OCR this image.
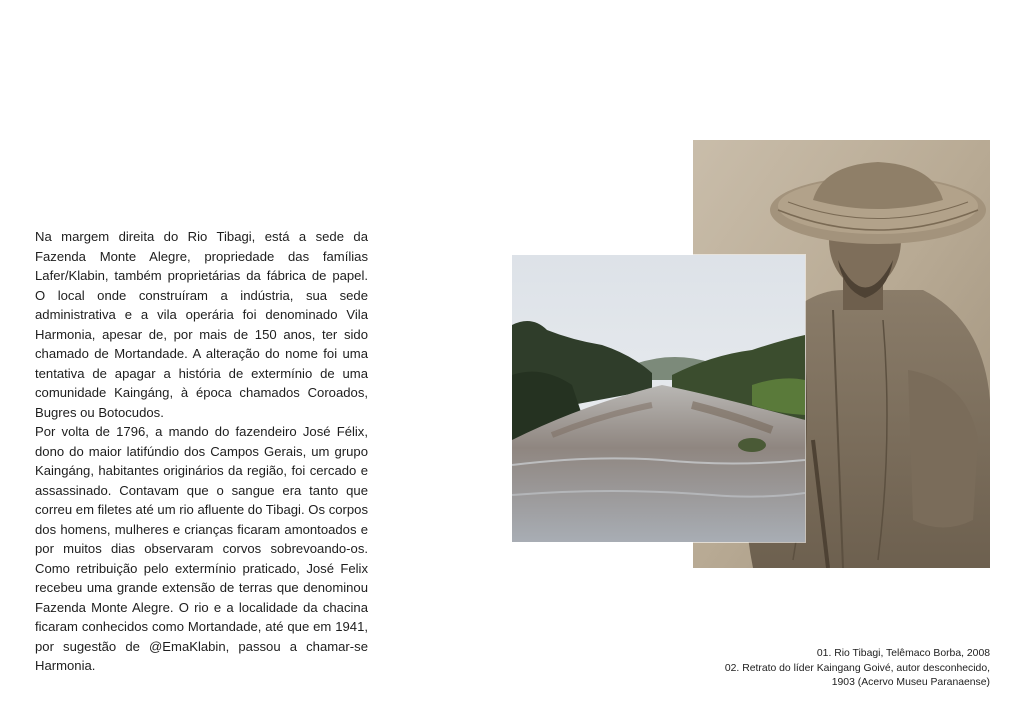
Na margem direita do Rio Tibagi, está a sede da Fazenda Monte Alegre, propriedade das famílias Lafer/Klabin, também proprietárias da fábrica de papel. O local onde construíram a indústria, sua sede administrativa e a vila operária foi denominado Vila Harmonia, apesar de, por mais de 150 anos, ter sido chamado de Mortandade. A alteração do nome foi uma tentativa de apagar a história de extermínio de uma comunidade Kaingáng, à época chamados Coroados, Bugres ou Botocudos.

Por volta de 1796, a mando do fazendeiro José Félix, dono do maior latifúndio dos Campos Gerais, um grupo Kaingáng, habitantes originários da região, foi cercado e assassinado. Contavam que o sangue era tanto que correu em filetes até um rio afluente do Tibagi. Os corpos dos homens, mulheres e crianças ficaram amontoados e por muitos dias observaram corvos sobrevoando-os. Como retribuição pelo extermínio praticado, José Felix recebeu uma grande extensão de terras que denominou Fazenda Monte Alegre. O rio e a localidade da chacina ficaram conhecidos como Mortandade, até que em 1941, por sugestão de @EmaKlabin, passou a chamar-se Harmonia.

01. Rio Tibagi, Telêmaco Borba, 2008
02. Retrato do líder Kaingang Goivé, autor desconhecido,
1903 (Acervo Museu Paranaense)
